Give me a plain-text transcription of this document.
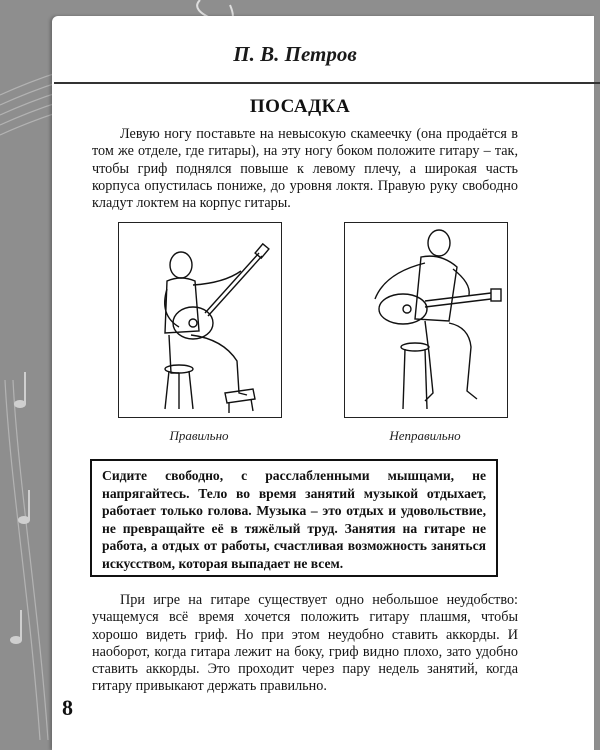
П. В. Петров
ПОСАДКА

Левую ногу поставьте на невысокую скамеечку (она продаётся в том же отделе, где гитары), на эту ногу боком положите гитару – так, чтобы гриф поднялся повыше к левому плечу, а широкая часть корпуса опустилась пониже, до уровня локтя. Правую руку свободно кладут локтем на корпус гитары.

Правильно	Неправильно

Сидите свободно, с расслабленными мышцами, не напрягайтесь. Тело во время занятий музыкой отдыхает, работает только голова. Музыка – это отдых и удовольствие, не превращайте её в тяжёлый труд. Занятия на гитаре не работа, а отдых от работы, счастливая возможность заняться искусством, которая выпадает не всем.

При игре на гитаре существует одно небольшое неудобство: учащемуся всё время хочется положить гитару плашмя, чтобы хорошо видеть гриф. Но при этом неудобно ставить аккорды. И наоборот, когда гитара лежит на боку, гриф видно плохо, зато удобно ставить аккорды. Это проходит через пару недель занятий, когда гитару привыкают держать правильно.

8
